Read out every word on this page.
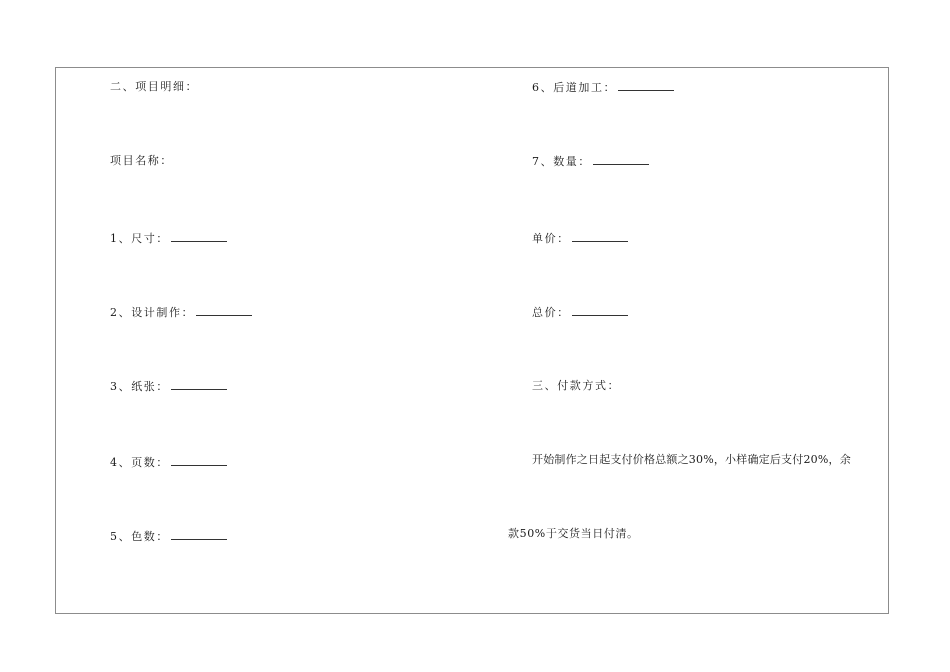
二、项目明细：
项目名称：
1、尺寸：
2、设计制作：
3、纸张：
4、页数：
5、色数：
6、后道加工：
7、数量：
单价：
总价：
三、付款方式：
开始制作之日起支付价格总额之30%，小样确定后支付20%，余
款50%于交货当日付清。
